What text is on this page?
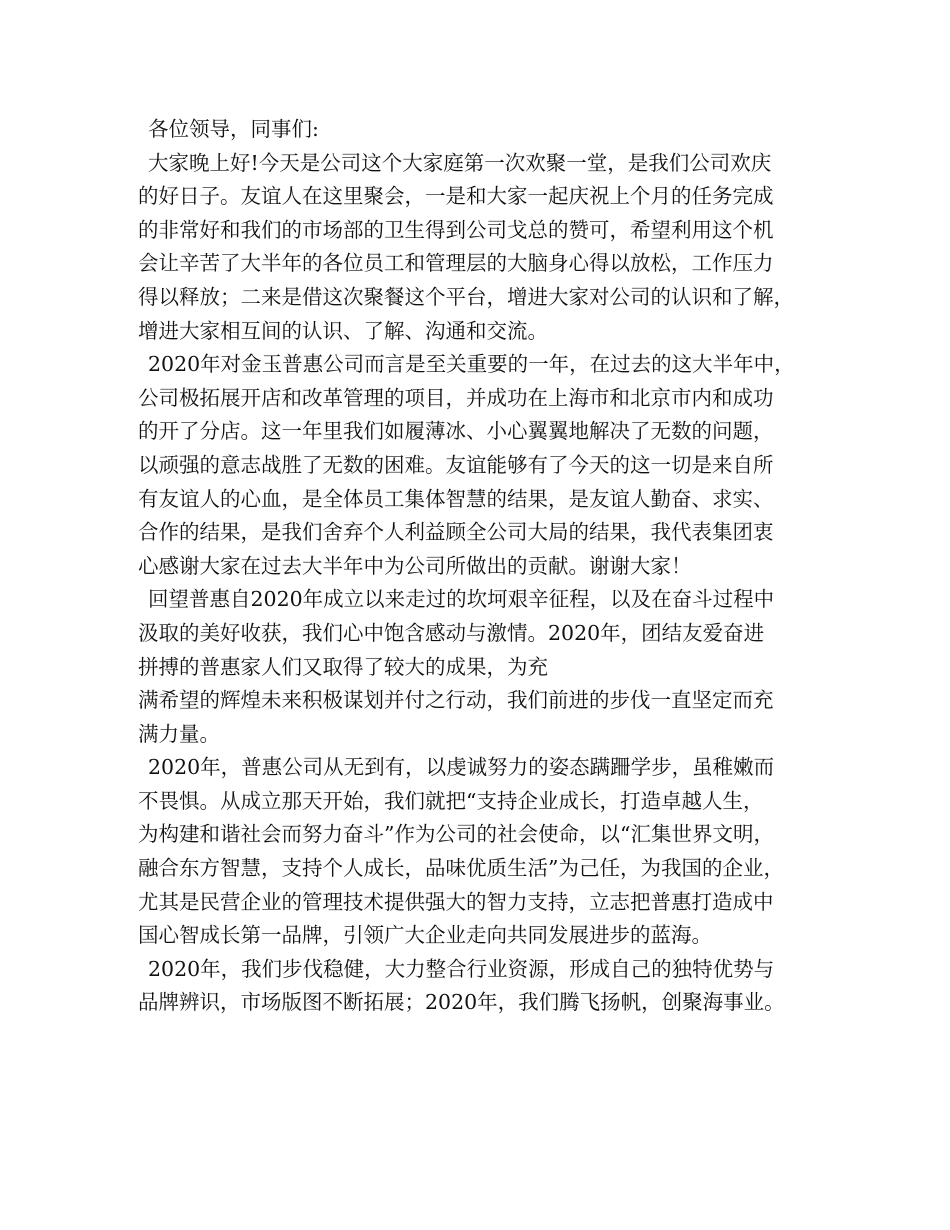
各位领导，同事们:
大家晚上好!今天是公司这个大家庭第一次欢聚一堂，是我们公司欢庆
的好日子。友谊人在这里聚会，一是和大家一起庆祝上个月的任务完成
的非常好和我们的市场部的卫生得到公司戈总的赞可，希望利用这个机
会让辛苦了大半年的各位员工和管理层的大脑身心得以放松，工作压力
得以释放；二来是借这次聚餐这个平台，增进大家对公司的认识和了解，
增进大家相互间的认识、了解、沟通和交流。
2020年对金玉普惠公司而言是至关重要的一年，在过去的这大半年中，
公司极拓展开店和改革管理的项目，并成功在上海市和北京市内和成功
的开了分店。这一年里我们如履薄冰、小心翼翼地解决了无数的问题，
以顽强的意志战胜了无数的困难。友谊能够有了今天的这一切是来自所
有友谊人的心血，是全体员工集体智慧的结果，是友谊人勤奋、求实、
合作的结果，是我们舍弃个人利益顾全公司大局的结果，我代表集团衷
心感谢大家在过去大半年中为公司所做出的贡献。谢谢大家！
回望普惠自2020年成立以来走过的坎坷艰辛征程，以及在奋斗过程中
汲取的美好收获，我们心中饱含感动与激情。2020年，团结友爱奋进
拼搏的普惠家人们又取得了较大的成果，为充
满希望的辉煌未来积极谋划并付之行动，我们前进的步伐一直坚定而充
满力量。
2020年，普惠公司从无到有，以虔诚努力的姿态蹒跚学步，虽稚嫩而
不畏惧。从成立那天开始，我们就把“支持企业成长，打造卓越人生，
为构建和谐社会而努力奋斗”作为公司的社会使命，以“汇集世界文明，
融合东方智慧，支持个人成长，品味优质生活”为己任，为我国的企业，
尤其是民营企业的管理技术提供强大的智力支持，立志把普惠打造成中
国心智成长第一品牌，引领广大企业走向共同发展进步的蓝海。
2020年，我们步伐稳健，大力整合行业资源，形成自己的独特优势与
品牌辨识，市场版图不断拓展；2020年，我们腾飞扬帆，创聚海事业。
